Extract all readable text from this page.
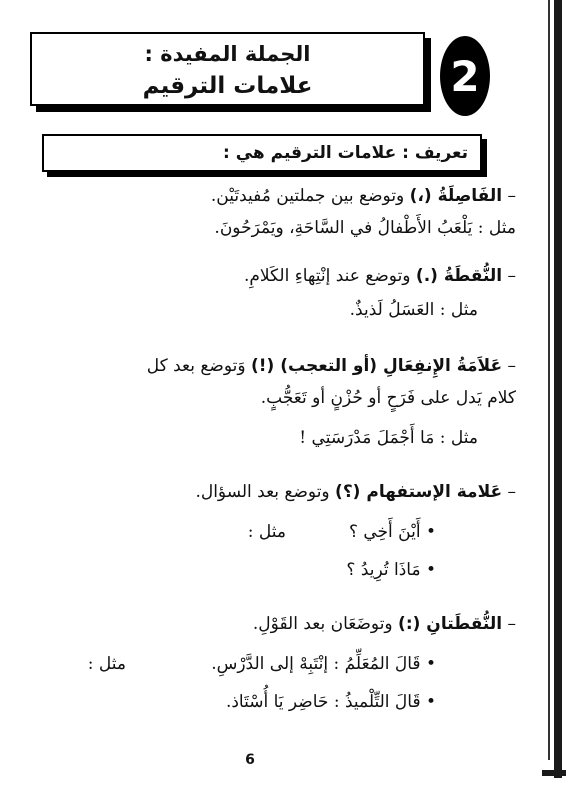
الجملة المفيدة :
علامات الترقيم	2
تعريف : علامات الترقيم هي :
– الفَاصِلَةُ (،) وتوضع بين جملتين مُفيدتَيْن.
مثل : يَلْعَبُ الأَطْفالُ في السَّاحَةِ، ويَمْرَحُونَ.
– النُّقطَةُ (.) وتوضع عند إنْتِهاءِ الكَلامِ.
مثل : العَسَلُ لَذيذٌ.
– عَلاَمَةُ الإِنفِعَالِ (أو التعجب) (!) وَتوضع بعد كل
كلام يَدل على فَرَحٍ أو حُزْنٍ أو تَعَجُّبٍ.
مثل : مَا أَجْمَلَ مَدْرَسَتِي !
– عَلامة الإستفهام (؟) وتوضع بعد السؤال.
مثل :	• أَيْنَ أَخِي ؟
• مَاذَا تُرِيدُ ؟
– النُّقطَتانِ (:) وتوضَعَان بعد القَوْلِ.
مثل :	• قَالَ المُعَلِّمُ : إنْتَبِهْ إلى الدَّرْسِ.
• قَالَ التِّلْميذُ : حَاضِر يَا أُسْتَاذ.
6
